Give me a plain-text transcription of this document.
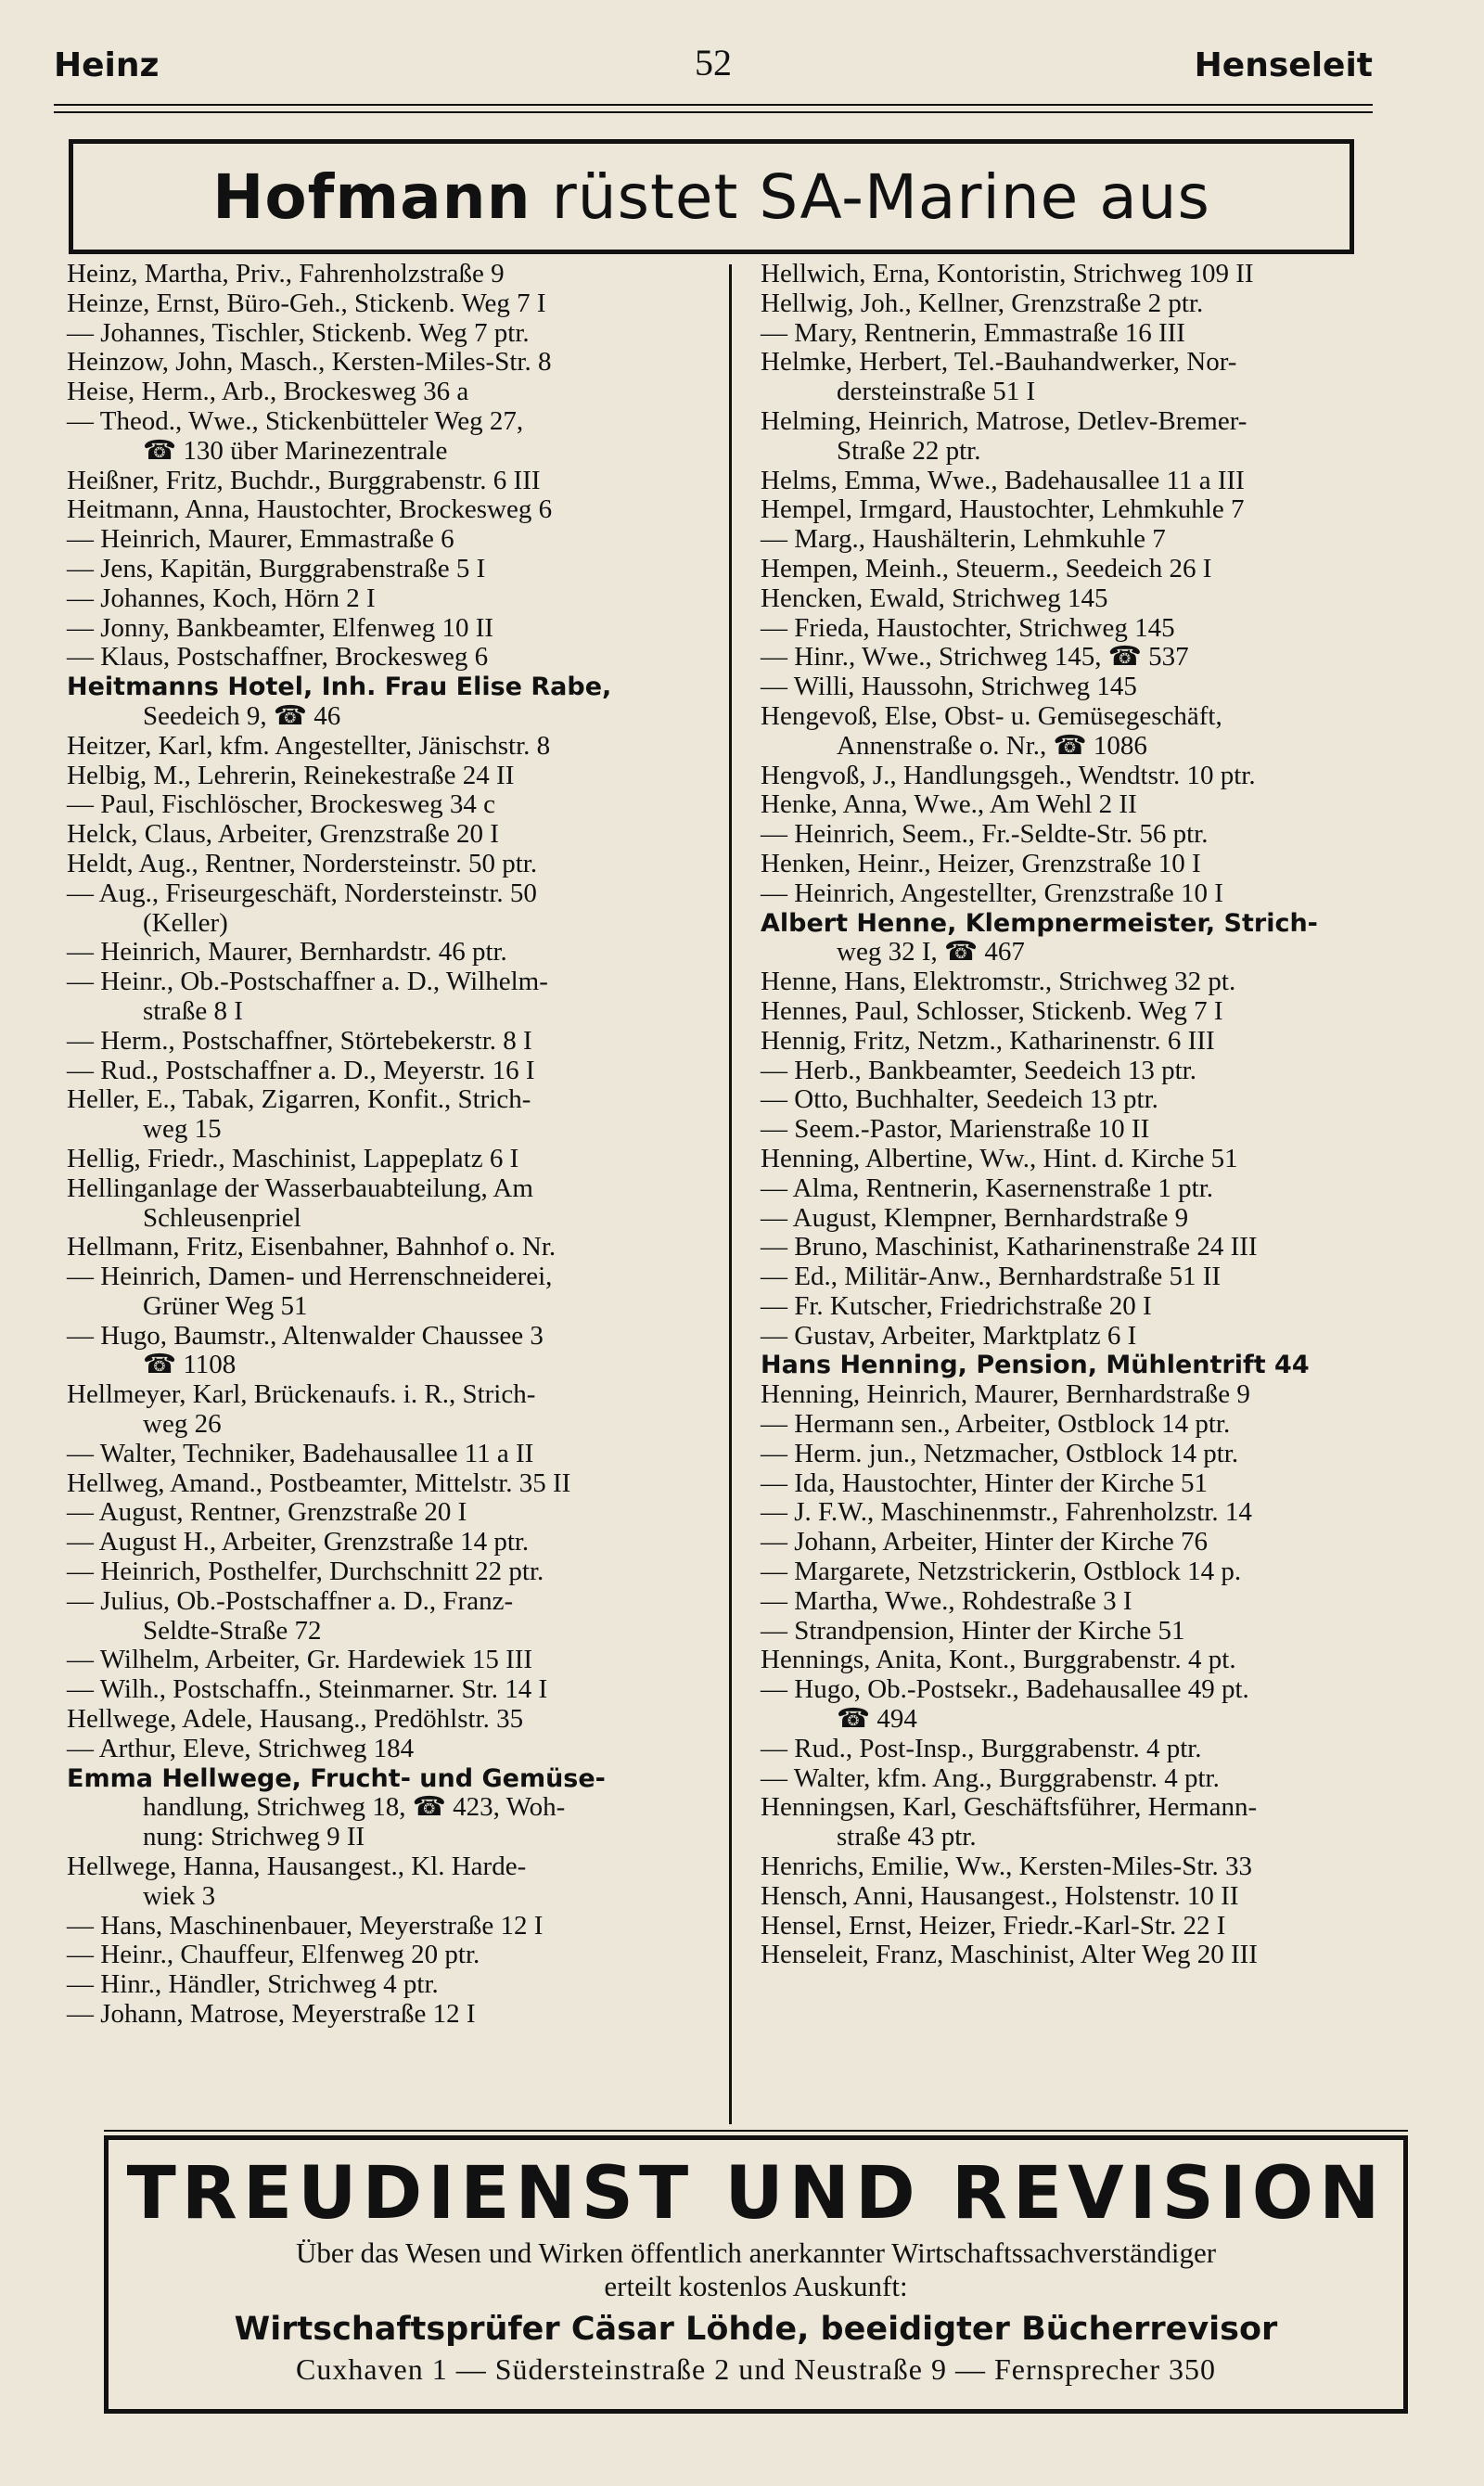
Heinz	52	Henseleit
Hofmann rüstet SA-Marine aus
Heinz, Martha, Priv., Fahrenholzstraße 9
Heinze, Ernst, Büro-Geh., Stickenb. Weg 7 I
— Johannes, Tischler, Stickenb. Weg 7 ptr.
Heinzow, John, Masch., Kersten-Miles-Str. 8
Heise, Herm., Arb., Brockesweg 36 a
— Theod., Wwe., Stickenbütteler Weg 27,
☎ 130 über Marinezentrale
Heißner, Fritz, Buchdr., Burggrabenstr. 6 III
Heitmann, Anna, Haustochter, Brockesweg 6
— Heinrich, Maurer, Emmastraße 6
— Jens, Kapitän, Burggrabenstraße 5 I
— Johannes, Koch, Hörn 2 I
— Jonny, Bankbeamter, Elfenweg 10 II
— Klaus, Postschaffner, Brockesweg 6
Heitmanns Hotel, Inh. Frau Elise Rabe,
Seedeich 9, ☎ 46
Heitzer, Karl, kfm. Angestellter, Jänischstr. 8
Helbig, M., Lehrerin, Reinekestraße 24 II
— Paul, Fischlöscher, Brockesweg 34 c
Helck, Claus, Arbeiter, Grenzstraße 20 I
Heldt, Aug., Rentner, Nordersteinstr. 50 ptr.
— Aug., Friseurgeschäft, Nordersteinstr. 50
(Keller)
— Heinrich, Maurer, Bernhardstr. 46 ptr.
— Heinr., Ob.-Postschaffner a. D., Wilhelm-
straße 8 I
— Herm., Postschaffner, Störtebekerstr. 8 I
— Rud., Postschaffner a. D., Meyerstr. 16 I
Heller, E., Tabak, Zigarren, Konfit., Strich-
weg 15
Hellig, Friedr., Maschinist, Lappeplatz 6 I
Hellinganlage der Wasserbauabteilung, Am
Schleusenpriel
Hellmann, Fritz, Eisenbahner, Bahnhof o. Nr.
— Heinrich, Damen- und Herrenschneiderei,
Grüner Weg 51
— Hugo, Baumstr., Altenwalder Chaussee 3
☎ 1108
Hellmeyer, Karl, Brückenaufs. i. R., Strich-
weg 26
— Walter, Techniker, Badehausallee 11 a II
Hellweg, Amand., Postbeamter, Mittelstr. 35 II
— August, Rentner, Grenzstraße 20 I
— August H., Arbeiter, Grenzstraße 14 ptr.
— Heinrich, Posthelfer, Durchschnitt 22 ptr.
— Julius, Ob.-Postschaffner a. D., Franz-
Seldte-Straße 72
— Wilhelm, Arbeiter, Gr. Hardewiek 15 III
— Wilh., Postschaffn., Steinmarner. Str. 14 I
Hellwege, Adele, Hausang., Predöhlstr. 35
— Arthur, Eleve, Strichweg 184
Emma Hellwege, Frucht- und Gemüse-
handlung, Strichweg 18, ☎ 423, Woh-
nung: Strichweg 9 II
Hellwege, Hanna, Hausangest., Kl. Harde-
wiek 3
— Hans, Maschinenbauer, Meyerstraße 12 I
— Heinr., Chauffeur, Elfenweg 20 ptr.
— Hinr., Händler, Strichweg 4 ptr.
— Johann, Matrose, Meyerstraße 12 I
Hellwich, Erna, Kontoristin, Strichweg 109 II
Hellwig, Joh., Kellner, Grenzstraße 2 ptr.
— Mary, Rentnerin, Emmastraße 16 III
Helmke, Herbert, Tel.-Bauhandwerker, Nor-
dersteinstraße 51 I
Helming, Heinrich, Matrose, Detlev-Bremer-
Straße 22 ptr.
Helms, Emma, Wwe., Badehausallee 11 a III
Hempel, Irmgard, Haustochter, Lehmkuhle 7
— Marg., Haushälterin, Lehmkuhle 7
Hempen, Meinh., Steuerm., Seedeich 26 I
Hencken, Ewald, Strichweg 145
— Frieda, Haustochter, Strichweg 145
— Hinr., Wwe., Strichweg 145, ☎ 537
— Willi, Haussohn, Strichweg 145
Hengevoß, Else, Obst- u. Gemüsegeschäft,
Annenstraße o. Nr., ☎ 1086
Hengvoß, J., Handlungsgeh., Wendtstr. 10 ptr.
Henke, Anna, Wwe., Am Wehl 2 II
— Heinrich, Seem., Fr.-Seldte-Str. 56 ptr.
Henken, Heinr., Heizer, Grenzstraße 10 I
— Heinrich, Angestellter, Grenzstraße 10 I
Albert Henne, Klempnermeister, Strich-
weg 32 I, ☎ 467
Henne, Hans, Elektromstr., Strichweg 32 pt.
Hennes, Paul, Schlosser, Stickenb. Weg 7 I
Hennig, Fritz, Netzm., Katharinenstr. 6 III
— Herb., Bankbeamter, Seedeich 13 ptr.
— Otto, Buchhalter, Seedeich 13 ptr.
— Seem.-Pastor, Marienstraße 10 II
Henning, Albertine, Ww., Hint. d. Kirche 51
— Alma, Rentnerin, Kasernenstraße 1 ptr.
— August, Klempner, Bernhardstraße 9
— Bruno, Maschinist, Katharinenstraße 24 III
— Ed., Militär-Anw., Bernhardstraße 51 II
— Fr. Kutscher, Friedrichstraße 20 I
— Gustav, Arbeiter, Marktplatz 6 I
Hans Henning, Pension, Mühlentrift 44
Henning, Heinrich, Maurer, Bernhardstraße 9
— Hermann sen., Arbeiter, Ostblock 14 ptr.
— Herm. jun., Netzmacher, Ostblock 14 ptr.
— Ida, Haustochter, Hinter der Kirche 51
— J. F.W., Maschinenmstr., Fahrenholzstr. 14
— Johann, Arbeiter, Hinter der Kirche 76
— Margarete, Netzstrickerin, Ostblock 14 p.
— Martha, Wwe., Rohdestraße 3 I
— Strandpension, Hinter der Kirche 51
Hennings, Anita, Kont., Burggrabenstr. 4 pt.
— Hugo, Ob.-Postsekr., Badehausallee 49 pt.
☎ 494
— Rud., Post-Insp., Burggrabenstr. 4 ptr.
— Walter, kfm. Ang., Burggrabenstr. 4 ptr.
Henningsen, Karl, Geschäftsführer, Hermann-
straße 43 ptr.
Henrichs, Emilie, Ww., Kersten-Miles-Str. 33
Hensch, Anni, Hausangest., Holstenstr. 10 II
Hensel, Ernst, Heizer, Friedr.-Karl-Str. 22 I
Henseleit, Franz, Maschinist, Alter Weg 20 III
TREUDIENST UND REVISION
Über das Wesen und Wirken öffentlich anerkannter Wirtschaftssachverständiger
erteilt kostenlos Auskunft:
Wirtschaftsprüfer Cäsar Löhde, beeidigter Bücherrevisor
Cuxhaven 1 — Südersteinstraße 2 und Neustraße 9 — Fernsprecher 350
